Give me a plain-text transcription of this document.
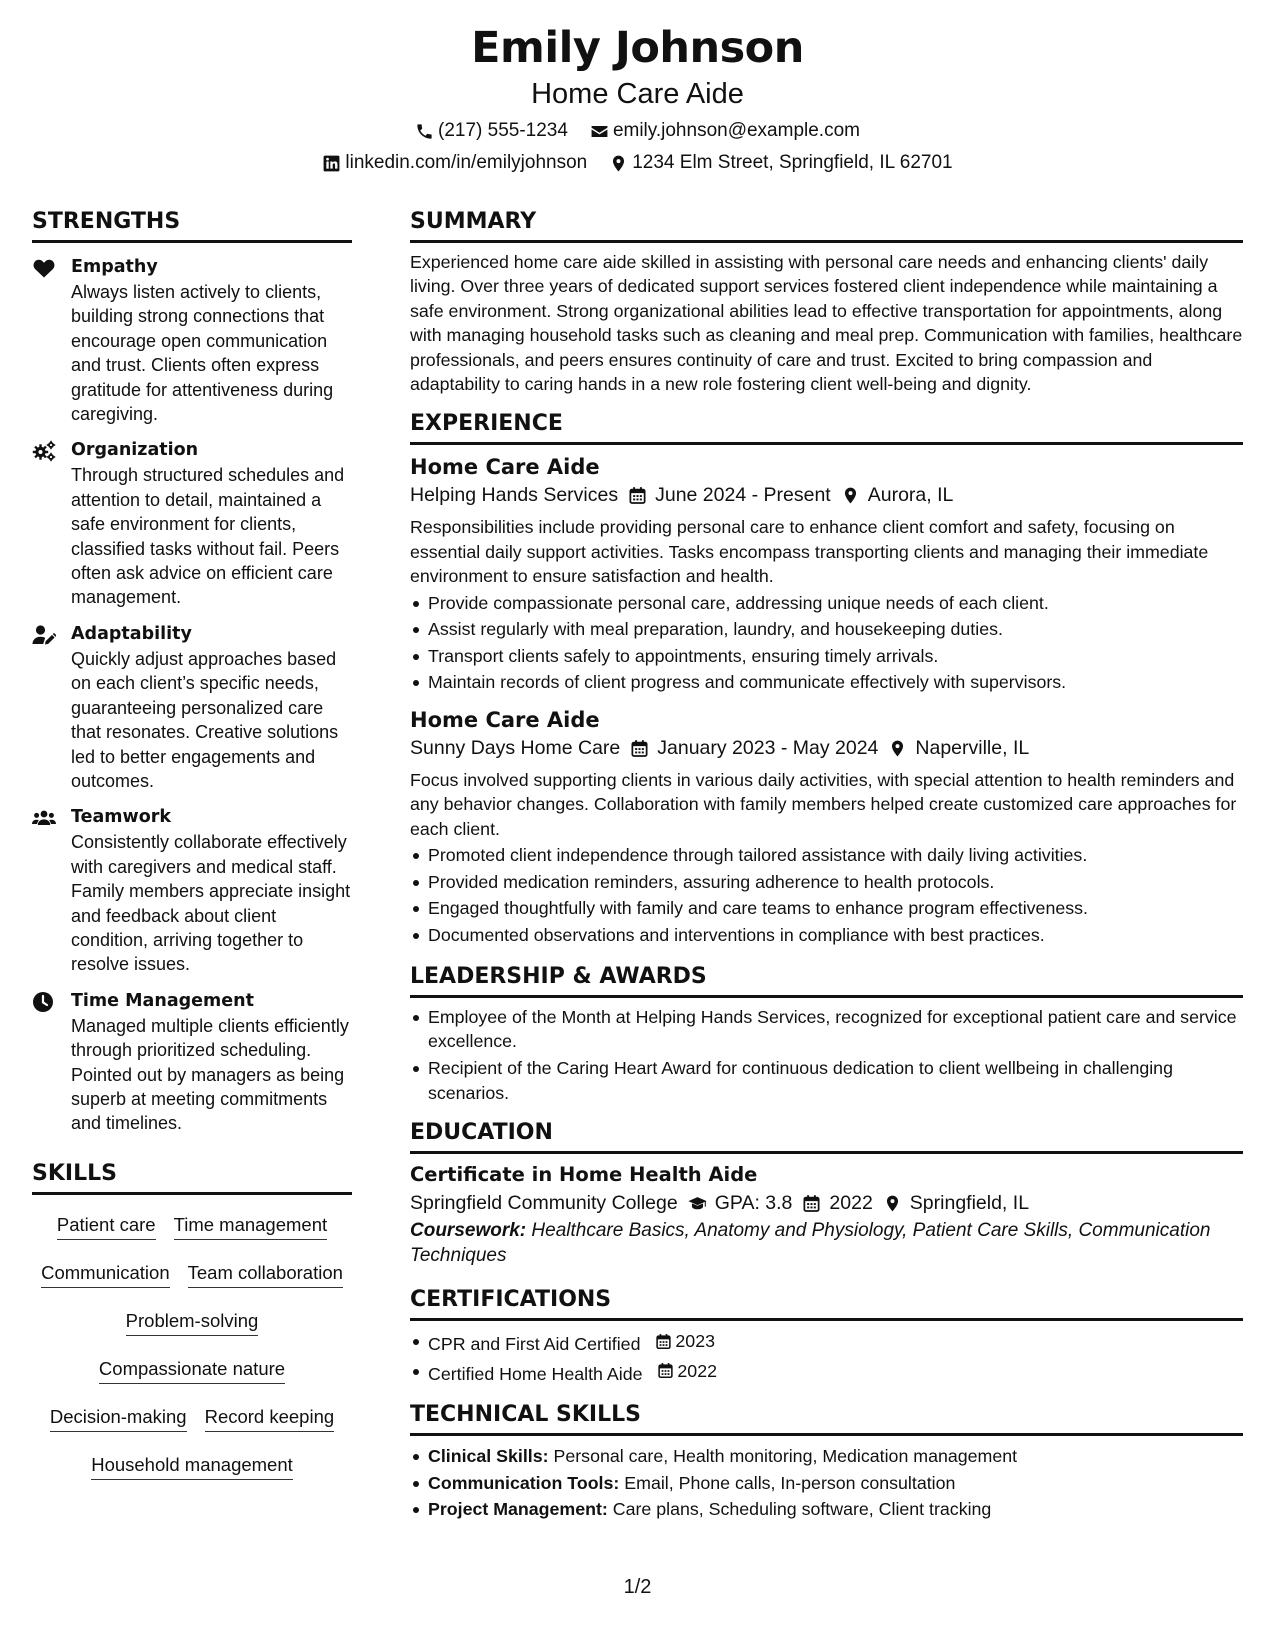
Emily Johnson
Home Care Aide
(217) 555-1234 emily.johnson@example.com
linkedin.com/in/emilyjohnson 1234 Elm Street, Springfield, IL 62701
STRENGTHS
Empathy
Always listen actively to clients, building strong connections that encourage open communication and trust. Clients often express gratitude for attentiveness during caregiving.
Organization
Through structured schedules and attention to detail, maintained a safe environment for clients, classified tasks without fail. Peers often ask advice on efficient care management.
Adaptability
Quickly adjust approaches based on each client’s specific needs, guaranteeing personalized care that resonates. Creative solutions led to better engagements and outcomes.
Teamwork
Consistently collaborate effectively with caregivers and medical staff. Family members appreciate insight and feedback about client condition, arriving together to resolve issues.
Time Management
Managed multiple clients efficiently through prioritized scheduling. Pointed out by managers as being superb at meeting commitments and timelines.
SKILLS
Patient care Time management
Communication Team collaboration
Problem-solving
Compassionate nature
Decision-making Record keeping
Household management
SUMMARY

Experienced home care aide skilled in assisting with personal care needs and enhancing clients' daily living. Over three years of dedicated support services fostered client independence while maintaining a safe environment. Strong organizational abilities lead to effective transportation for appointments, along with managing household tasks such as cleaning and meal prep. Communication with families, healthcare professionals, and peers ensures continuity of care and trust. Excited to bring compassion and adaptability to caring hands in a new role fostering client well-being and dignity.

EXPERIENCE
Home Care Aide
Helping Hands Services June 2024 - Present Aurora, IL

Responsibilities include providing personal care to enhance client comfort and safety, focusing on essential daily support activities. Tasks encompass transporting clients and managing their immediate environment to ensure satisfaction and health.

Provide compassionate personal care, addressing unique needs of each client.
Assist regularly with meal preparation, laundry, and housekeeping duties.
Transport clients safely to appointments, ensuring timely arrivals.
Maintain records of client progress and communicate effectively with supervisors.
Home Care Aide
Sunny Days Home Care January 2023 - May 2024 Naperville, IL

Focus involved supporting clients in various daily activities, with special attention to health reminders and any behavior changes. Collaboration with family members helped create customized care approaches for each client.

Promoted client independence through tailored assistance with daily living activities.
Provided medication reminders, assuring adherence to health protocols.
Engaged thoughtfully with family and care teams to enhance program effectiveness.
Documented observations and interventions in compliance with best practices.
LEADERSHIP & AWARDS
Employee of the Month at Helping Hands Services, recognized for exceptional patient care and service excellence.
Recipient of the Caring Heart Award for continuous dedication to client wellbeing in challenging scenarios.
EDUCATION
Certificate in Home Health Aide
Springfield Community College GPA: 3.8 2022 Springfield, IL

Coursework: Healthcare Basics, Anatomy and Physiology, Patient Care Skills, Communication Techniques

CERTIFICATIONS
CPR and First Aid Certified 2023
Certified Home Health Aide 2022
TECHNICAL SKILLS
Clinical Skills: Personal care, Health monitoring, Medication management
Communication Tools: Email, Phone calls, In-person consultation
Project Management: Care plans, Scheduling software, Client tracking
1/2
